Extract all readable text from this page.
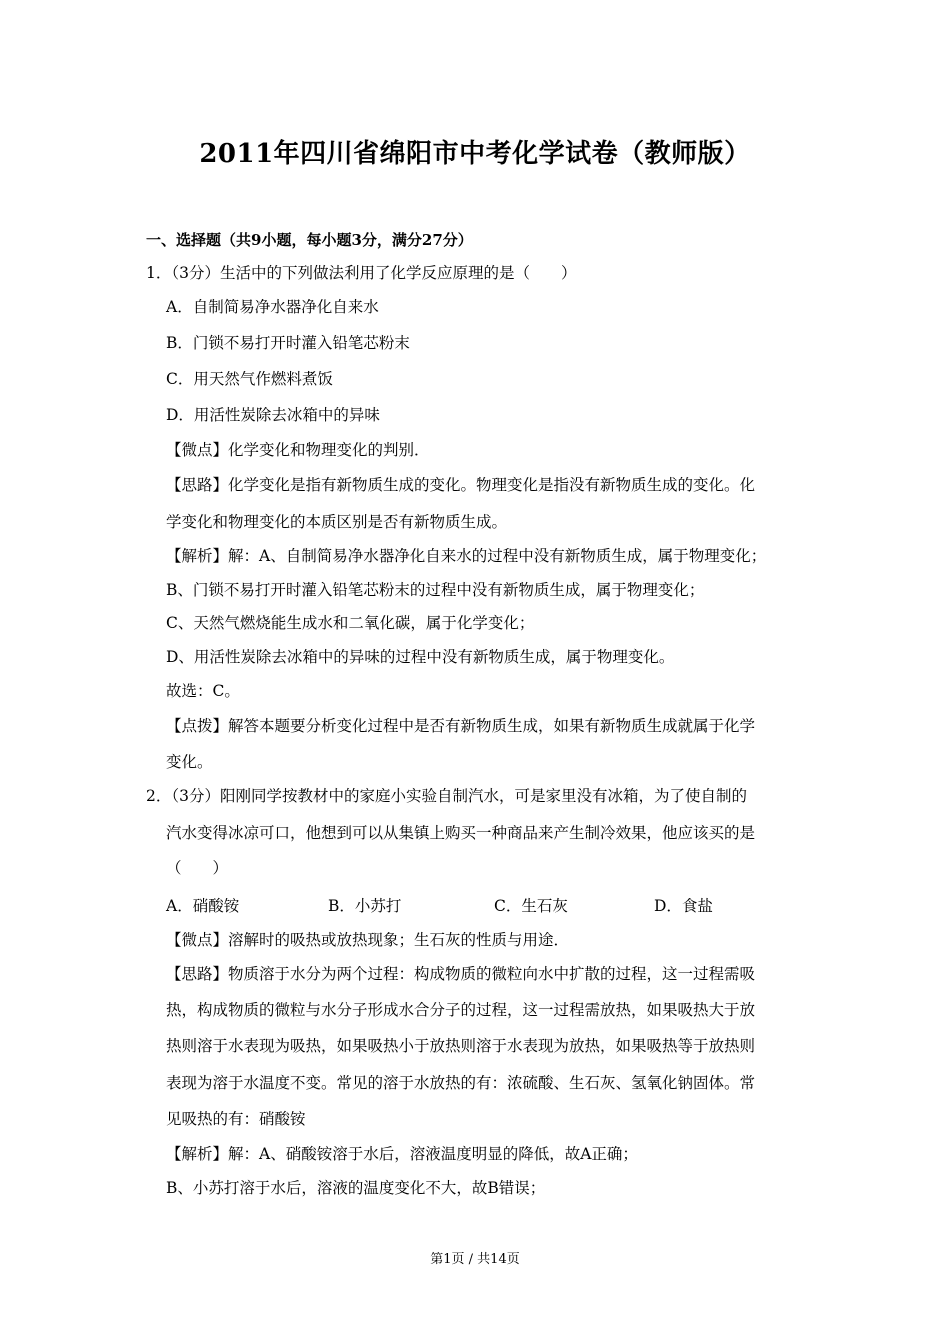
2011年四川省绵阳市中考化学试卷（教师版）
一、选择题（共9小题，每小题3分，满分27分）
1．（3分）生活中的下列做法利用了化学反应原理的是（　　）
A．自制简易净水器净化自来水
B．门锁不易打开时灌入铅笔芯粉末
C．用天然气作燃料煮饭
D．用活性炭除去冰箱中的异味
【微点】化学变化和物理变化的判别．
【思路】化学变化是指有新物质生成的变化。物理变化是指没有新物质生成的变化。化
学变化和物理变化的本质区别是否有新物质生成。
【解析】解：A、自制简易净水器净化自来水的过程中没有新物质生成，属于物理变化；
B、门锁不易打开时灌入铅笔芯粉末的过程中没有新物质生成，属于物理变化；
C、天然气燃烧能生成水和二氧化碳，属于化学变化；
D、用活性炭除去冰箱中的异味的过程中没有新物质生成，属于物理变化。
故选：C。
【点拨】解答本题要分析变化过程中是否有新物质生成，如果有新物质生成就属于化学
变化。
2．（3分）阳刚同学按教材中的家庭小实验自制汽水，可是家里没有冰箱，为了使自制的
汽水变得冰凉可口，他想到可以从集镇上购买一种商品来产生制冷效果，他应该买的是
（　　）
A．硝酸铵	B．小苏打	C．生石灰	D．食盐
【微点】溶解时的吸热或放热现象；生石灰的性质与用途．
【思路】物质溶于水分为两个过程：构成物质的微粒向水中扩散的过程，这一过程需吸
热，构成物质的微粒与水分子形成水合分子的过程，这一过程需放热，如果吸热大于放
热则溶于水表现为吸热，如果吸热小于放热则溶于水表现为放热，如果吸热等于放热则
表现为溶于水温度不变。常见的溶于水放热的有：浓硫酸、生石灰、氢氧化钠固体。常
见吸热的有：硝酸铵
【解析】解：A、硝酸铵溶于水后，溶液温度明显的降低，故A正确；
B、小苏打溶于水后，溶液的温度变化不大，故B错误；
第1页 / 共14页
